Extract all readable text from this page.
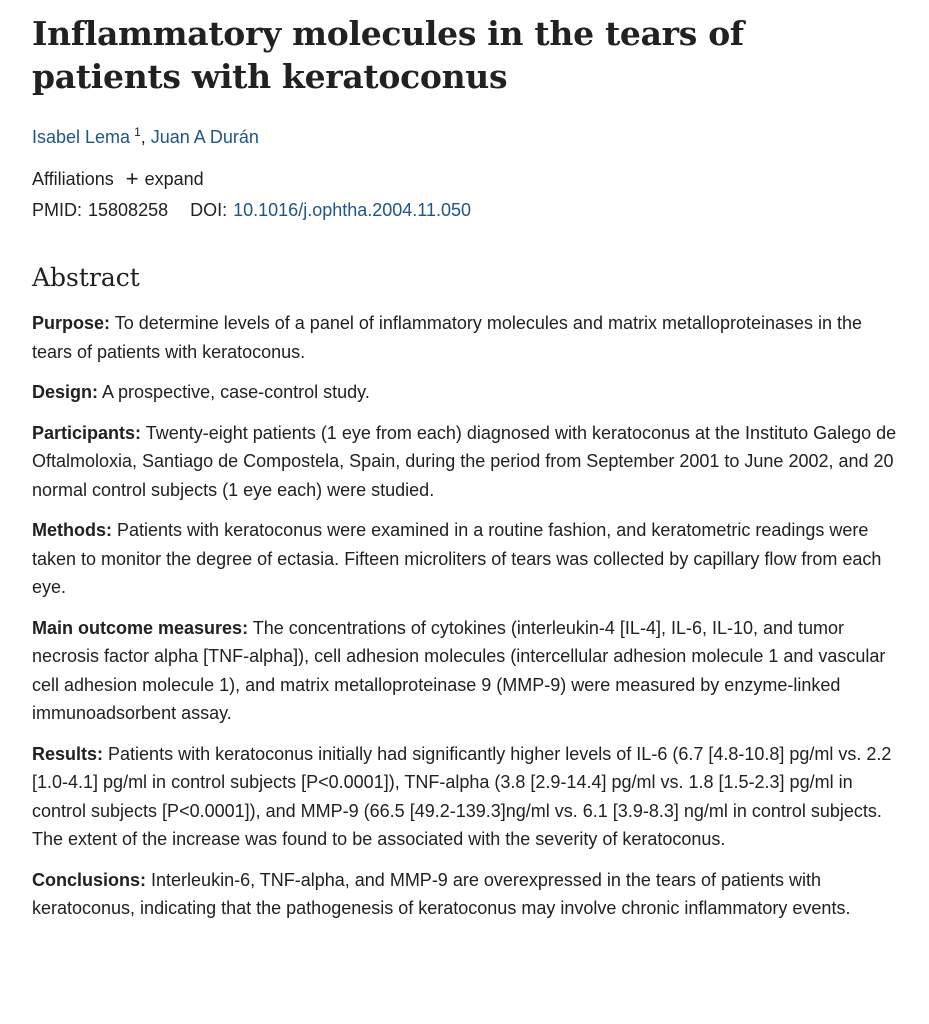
Inflammatory molecules in the tears of patients with keratoconus
Isabel Lema $^1$, Juan A Durán
Affiliations + expand
PMID: 15808258 DOI: 10.1016/j.ophtha.2004.11.050
Abstract

Purpose: To determine levels of a panel of inflammatory molecules and matrix metalloproteinases in the tears of patients with keratoconus.

Design: A prospective, case-control study.

Participants: Twenty-eight patients (1 eye from each) diagnosed with keratoconus at the Instituto Galego de Oftalmoloxia, Santiago de Compostela, Spain, during the period from September 2001 to June 2002, and 20 normal control subjects (1 eye each) were studied.

Methods: Patients with keratoconus were examined in a routine fashion, and keratometric readings were taken to monitor the degree of ectasia. Fifteen microliters of tears was collected by capillary flow from each eye.

Main outcome measures: The concentrations of cytokines (interleukin-4 [IL-4], IL-6, IL-10, and tumor necrosis factor alpha [TNF-alpha]), cell adhesion molecules (intercellular adhesion molecule 1 and vascular cell adhesion molecule 1), and matrix metalloproteinase 9 (MMP-9) were measured by enzyme-linked immunoadsorbent assay.

Results: Patients with keratoconus initially had significantly higher levels of IL-6 (6.7 [4.8-10.8] pg/ml vs. 2.2 [1.0-4.1] pg/ml in control subjects [P<0.0001]), TNF-alpha (3.8 [2.9-14.4] pg/ml vs. 1.8 [1.5-2.3] pg/ml in control subjects [P<0.0001]), and MMP-9 (66.5 [49.2-139.3]ng/ml vs. 6.1 [3.9-8.3] ng/ml in control subjects. The extent of the increase was found to be associated with the severity of keratoconus.

Conclusions: Interleukin-6, TNF-alpha, and MMP-9 are overexpressed in the tears of patients with keratoconus, indicating that the pathogenesis of keratoconus may involve chronic inflammatory events.
